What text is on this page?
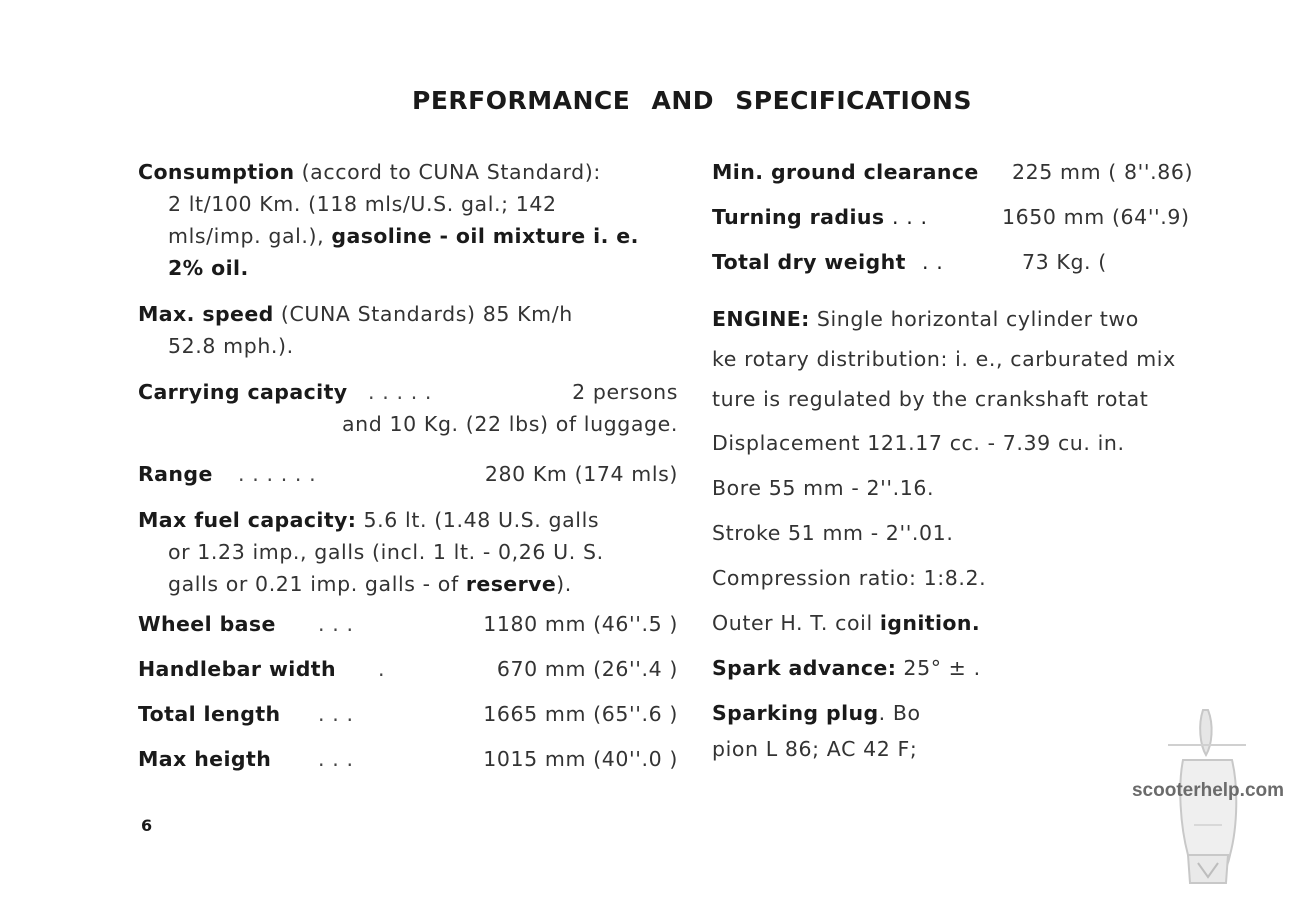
PERFORMANCE AND SPECIFICATIONS
Consumption (accord to CUNA Standard):
2 lt/100 Km. (118 mls/U.S. gal.; 142
mls/imp. gal.), gasoline - oil mixture i. e.
2% oil.
Max. speed (CUNA Standards) 85 Km/h
52.8 mph.).
Carrying capacity . . . . .	2 persons
and 10 Kg. (22 lbs) of luggage.
Range	. . . . . .	280 Km (174 mls)
Max fuel capacity: 5.6 lt. (1.48 U.S. galls
or 1.23 imp., galls (incl. 1 lt. - 0,26 U. S.
galls or 0.21 imp. galls - of reserve).
Wheel base	. . .	1180 mm (46''.5 )
Handlebar width	.	670 mm (26''.4 )
Total length	. . .	1665 mm (65''.6 )
Max heigth	. . .	1015 mm (40''.0 )
Min. ground clearance	225 mm ( 8''.86)
Turning radius . . .	1650 mm (64''.9)
Total dry weight . .	73 Kg. (
ENGINE: Single horizontal cylinder two
ke rotary distribution: i. e., carburated mix
ture is regulated by the crankshaft rotat
Displacement 121.17 cc. - 7.39 cu. in.
Bore 55 mm - 2''.16.
Stroke 51 mm - 2''.01.
Compression ratio: 1:8.2.
Outer H. T. coil ignition.
Spark advance: 25° ± .
Sparking plug. Bo
pion L 86; AC 42 F;
6
scooterhelp.com
